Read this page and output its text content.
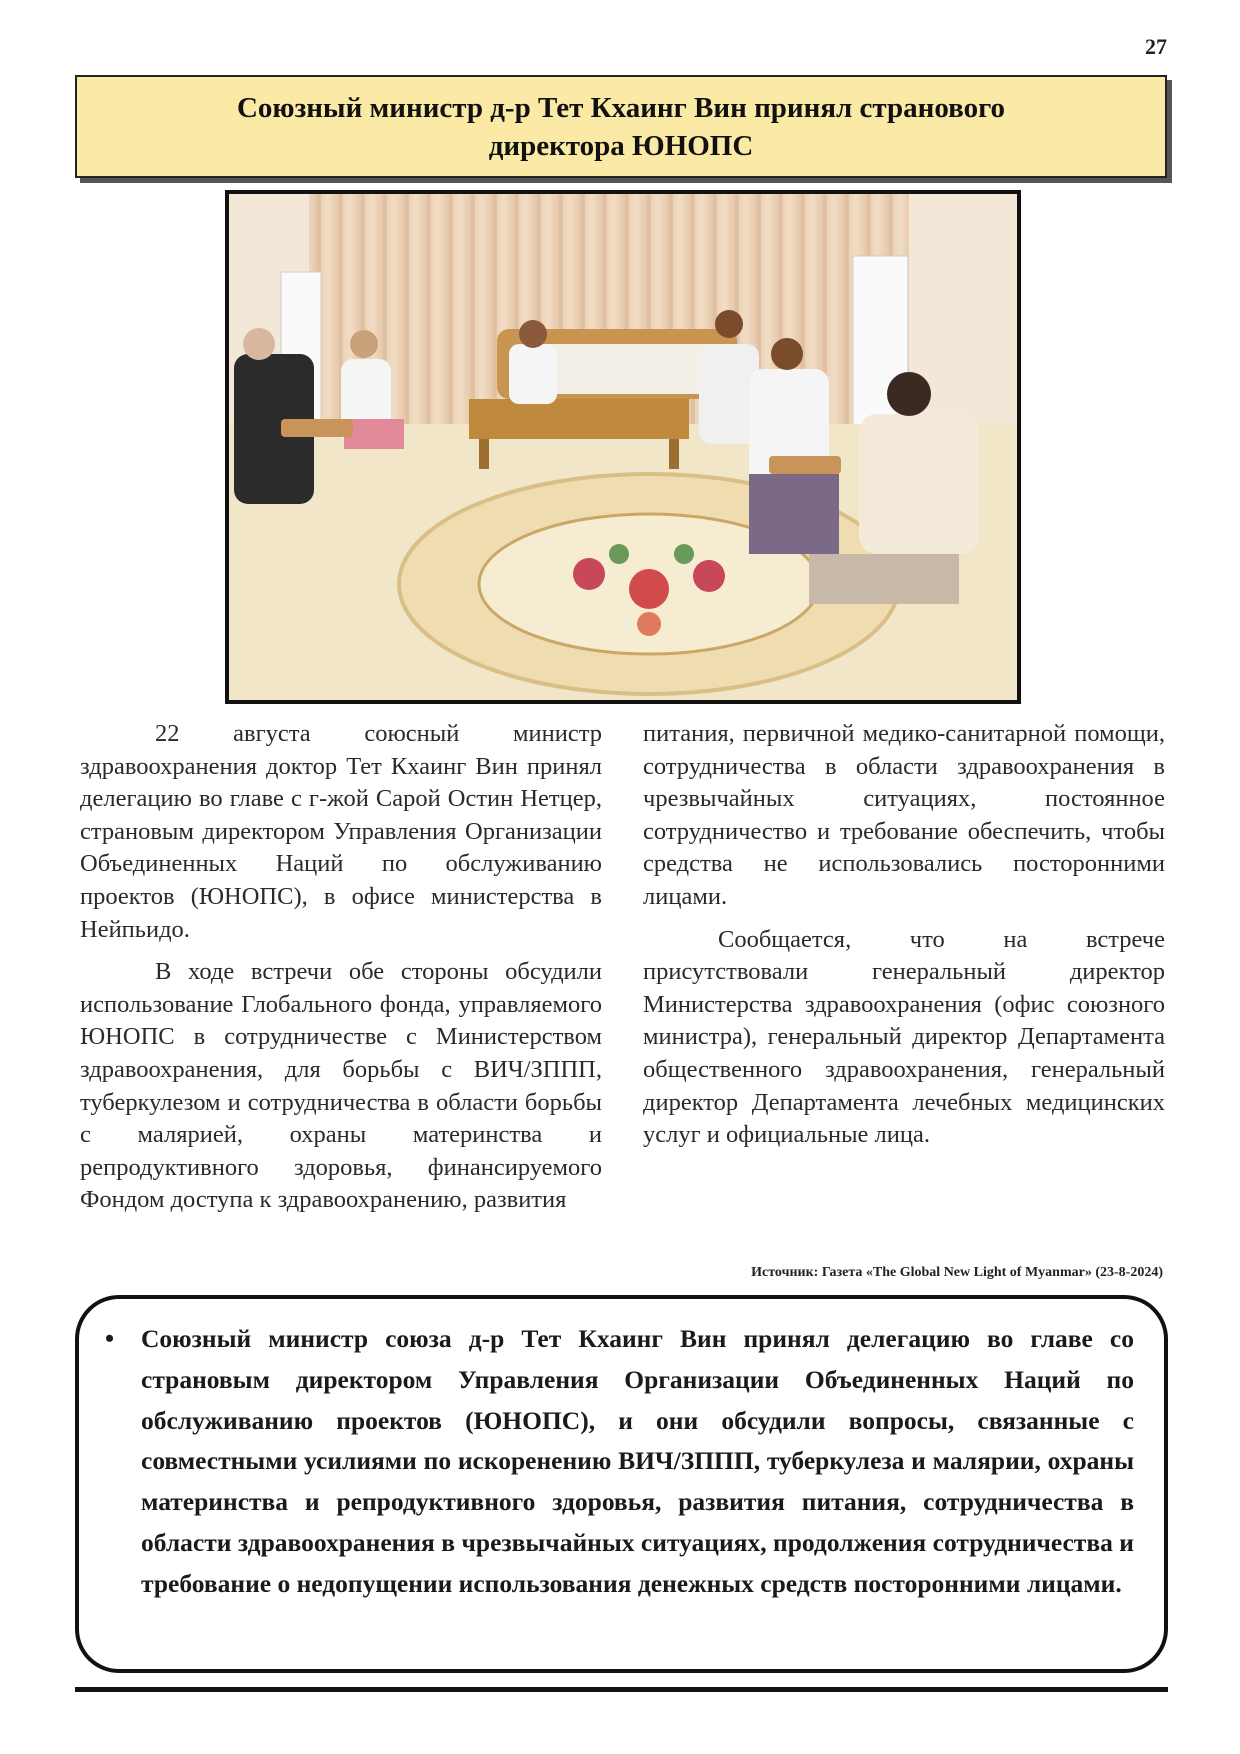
27
Союзный министр д-р Тет Кхаинг Вин принял странового директора ЮНОПС

22 августа союсный министр здравоохранения доктор Тет Кхаинг Вин принял делегацию во главе с г-жой Сарой Остин Нетцер, страновым директором Управления Организации Объединенных Наций по обслуживанию проектов (ЮНОПС), в офисе министерства в Нейпьидо.

В ходе встречи обе стороны обсудили использование Глобального фонда, управляемого ЮНОПС в сотрудничестве с Министерством здравоохранения, для борьбы с ВИЧ/ЗППП, туберкулезом и сотрудничества в области борьбы с малярией, охраны материнства и репродуктивного здоровья, финансируемого Фондом доступа к здравоохранению, развития

питания, первичной медико-санитарной помощи, сотрудничества в области здравоохранения в чрезвычайных ситуациях, постоянное сотрудничество и требование обеспечить, чтобы средства не использовались посторонними лицами.

Сообщается, что на встрече присутствовали генеральный директор Министерства здравоохранения (офис союзного министра), генеральный директор Департамента общественного здравоохранения, генеральный директор Департамента лечебных медицинских услуг и официальные лица.

Источник: Газета «The Global New Light of Myanmar» (23-8-2024)
• Союзный министр союза д-р Тет Кхаинг Вин принял делегацию во главе со страновым директором Управления Организации Объединенных Наций по обслуживанию проектов (ЮНОПС), и они обсудили вопросы, связанные с совместными усилиями по искоренению ВИЧ/ЗППП, туберкулеза и малярии, охраны материнства и репродуктивного здоровья, развития питания, сотрудничества в области здравоохранения в чрезвычайных ситуациях, продолжения сотрудничества и требование о недопущении использования денежных средств посторонними лицами.
